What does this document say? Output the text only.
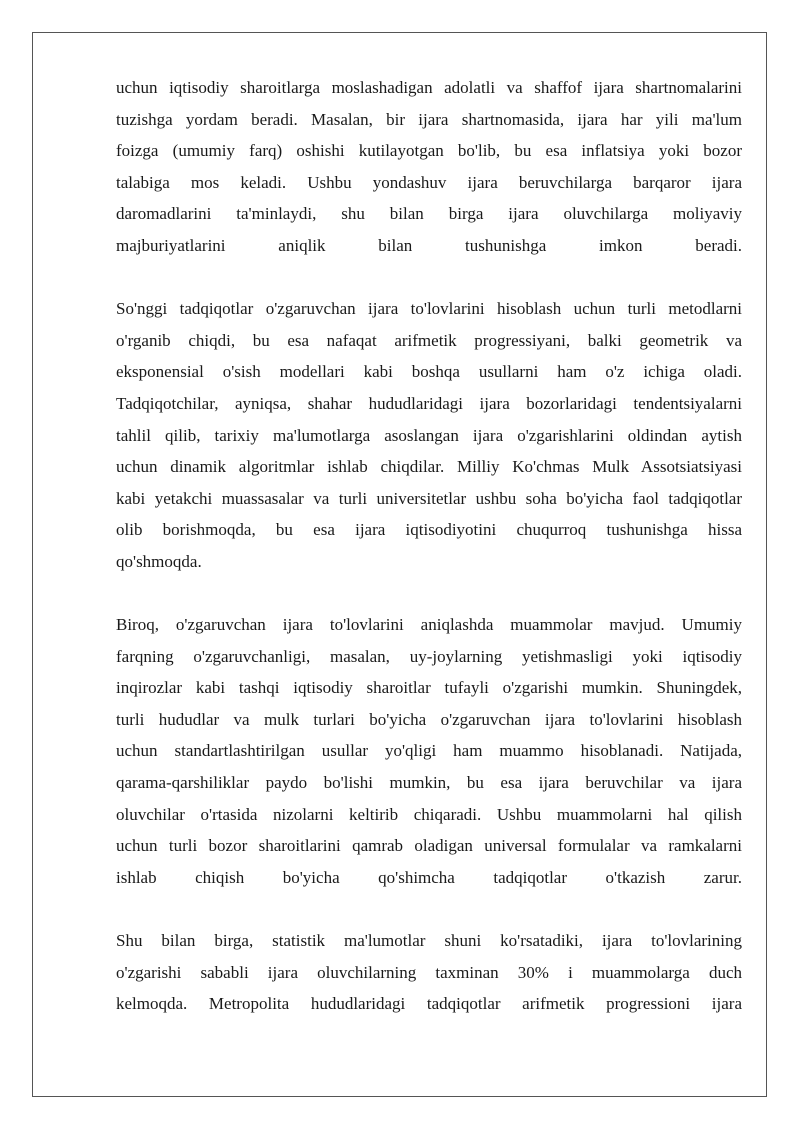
uchun iqtisodiy sharoitlarga moslashadigan adolatli va shaffof ijara shartnomalarini
tuzishga yordam beradi. Masalan, bir ijara shartnomasida, ijara har yili ma'lum
foizga (umumiy farq) oshishi kutilayotgan bo'lib, bu esa inflatsiya yoki bozor
talabiga mos keladi. Ushbu yondashuv ijara beruvchilarga barqaror ijara
daromadlarini ta'minlaydi, shu bilan birga ijara oluvchilarga moliyaviy
majburiyatlarini aniqlik bilan tushunishga imkon beradi.
So'nggi tadqiqotlar o'zgaruvchan ijara to'lovlarini hisoblash uchun turli metodlarni
o'rganib chiqdi, bu esa nafaqat arifmetik progressiyani, balki geometrik va
eksponensial o'sish modellari kabi boshqa usullarni ham o'z ichiga oladi.
Tadqiqotchilar, ayniqsa, shahar hududlaridagi ijara bozorlaridagi tendentsiyalarni
tahlil qilib, tarixiy ma'lumotlarga asoslangan ijara o'zgarishlarini oldindan aytish
uchun dinamik algoritmlar ishlab chiqdilar. Milliy Ko'chmas Mulk Assotsiatsiyasi
kabi yetakchi muassasalar va turli universitetlar ushbu soha bo'yicha faol tadqiqotlar
olib borishmoqda, bu esa ijara iqtisodiyotini chuqurroq tushunishga hissa
qo'shmoqda.
Biroq, o'zgaruvchan ijara to'lovlarini aniqlashda muammolar mavjud. Umumiy
farqning o'zgaruvchanligi, masalan, uy-joylarning yetishmasligi yoki iqtisodiy
inqirozlar kabi tashqi iqtisodiy sharoitlar tufayli o'zgarishi mumkin. Shuningdek,
turli hududlar va mulk turlari bo'yicha o'zgaruvchan ijara to'lovlarini hisoblash
uchun standartlashtirilgan usullar yo'qligi ham muammo hisoblanadi. Natijada,
qarama-qarshiliklar paydo bo'lishi mumkin, bu esa ijara beruvchilar va ijara
oluvchilar o'rtasida nizolarni keltirib chiqaradi. Ushbu muammolarni hal qilish
uchun turli bozor sharoitlarini qamrab oladigan universal formulalar va ramkalarni
ishlab chiqish bo'yicha qo'shimcha tadqiqotlar o'tkazish zarur.
Shu bilan birga, statistik ma'lumotlar shuni ko'rsatadiki, ijara to'lovlarining
o'zgarishi sababli ijara oluvchilarning taxminan 30% i muammolarga duch
kelmoqda. Metropolita hududlaridagi tadqiqotlar arifmetik progressioni ijara
